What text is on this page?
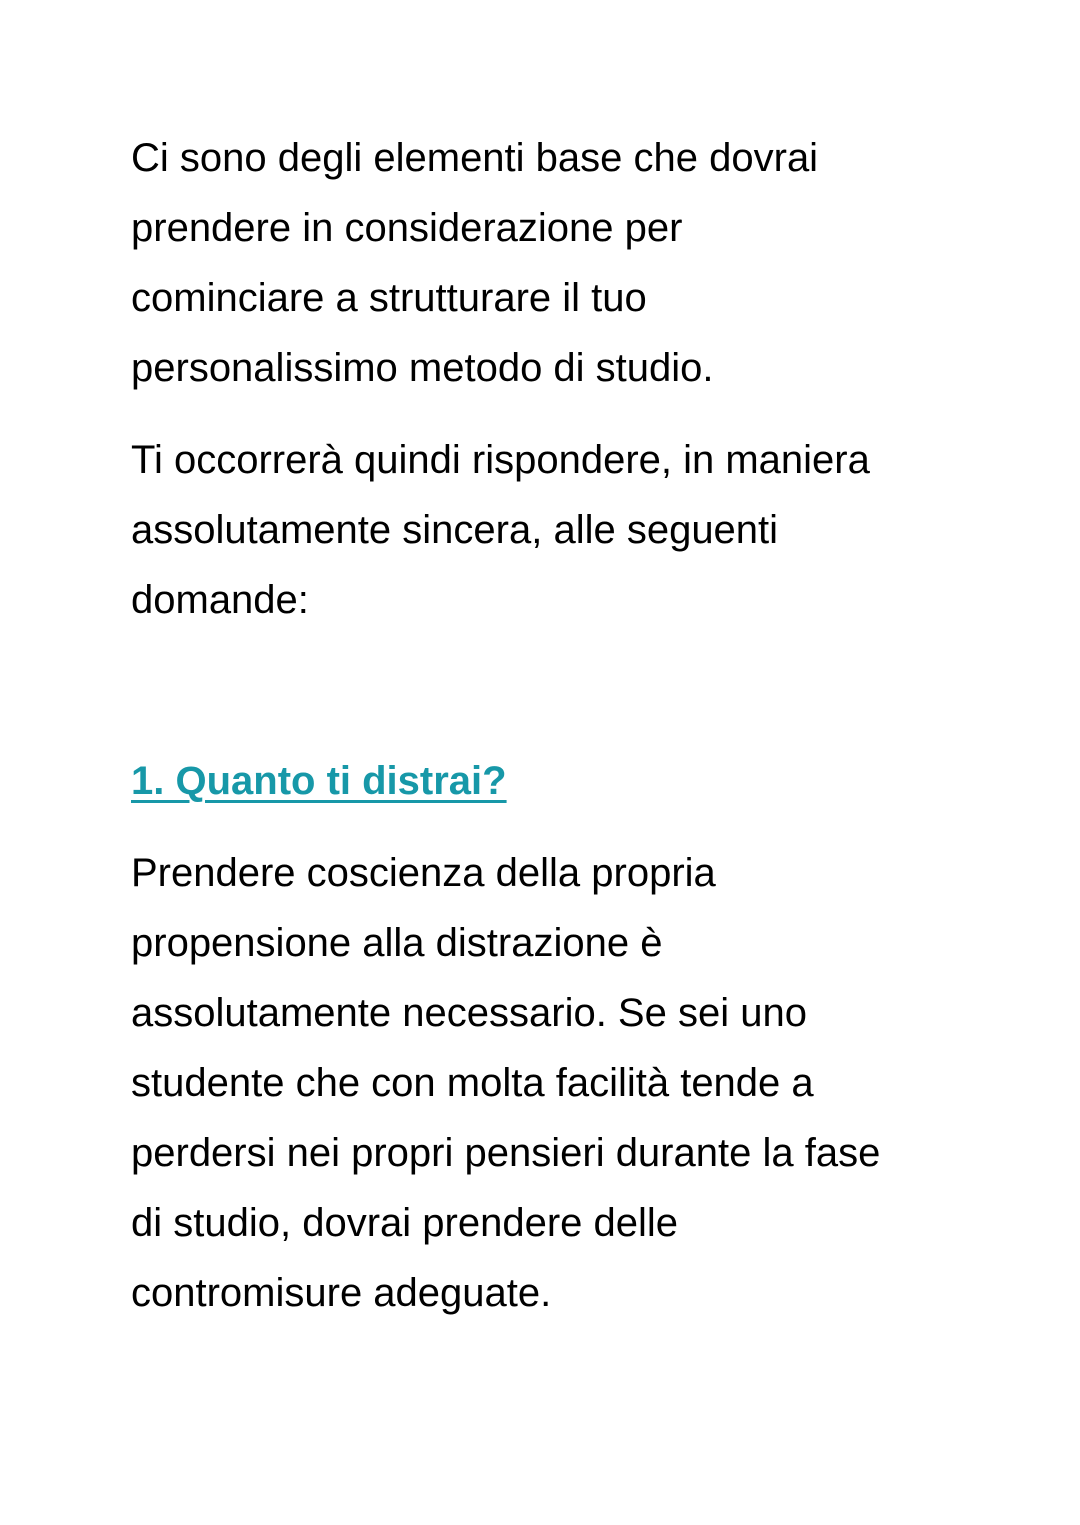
Ci sono degli elementi base che dovrai
prendere in considerazione per
cominciare a strutturare il tuo
personalissimo metodo di studio.

Ti occorrerà quindi rispondere, in maniera
assolutamente sincera, alle seguenti
domande:

1. Quanto ti distrai?

Prendere coscienza della propria
propensione alla distrazione è
assolutamente necessario. Se sei uno
studente che con molta facilità tende a
perdersi nei propri pensieri durante la fase
di studio, dovrai prendere delle
contromisure adeguate.
